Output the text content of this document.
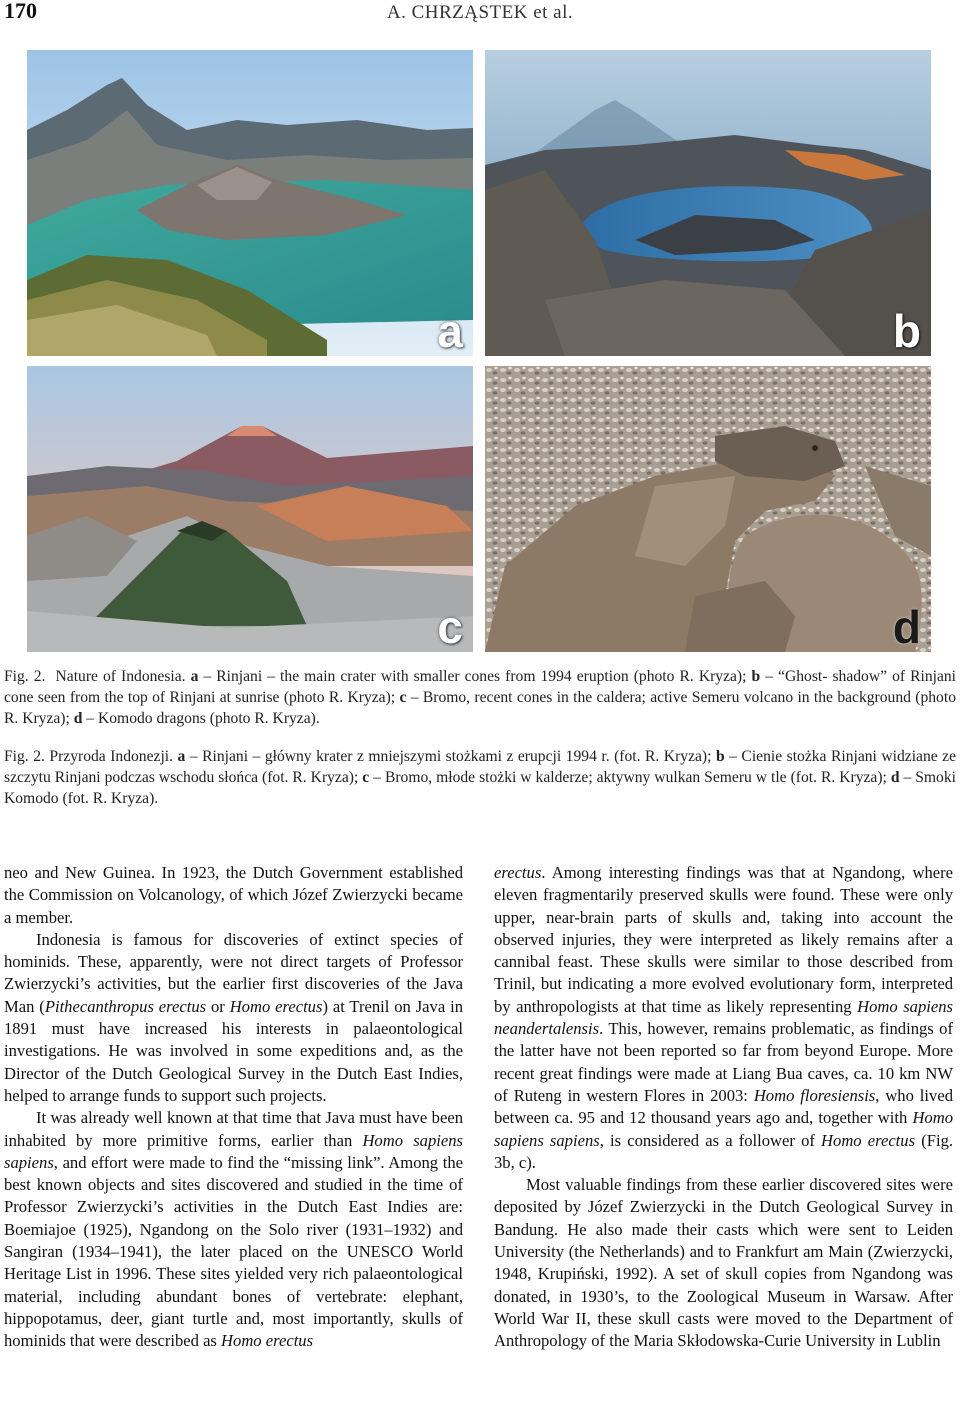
170	A. CHRZĄSTEK et al.
a	b
c	d
Fig. 2. Nature of Indonesia. a – Rinjani – the main crater with smaller cones from 1994 eruption (photo R. Kryza); b – “Ghost- shadow” of Rinjani cone seen from the top of Rinjani at sunrise (photo R. Kryza); c – Bromo, recent cones in the caldera; active Semeru volcano in the background (photo R. Kryza); d – Komodo dragons (photo R. Kryza).
Fig. 2. Przyroda Indonezji. a – Rinjani – główny krater z mniejszymi stożkami z erupcji 1994 r. (fot. R. Kryza); b – Cienie stożka Rinjani widziane ze szczytu Rinjani podczas wschodu słońca (fot. R. Kryza); c – Bromo, młode stożki w kalderze; aktywny wulkan Semeru w tle (fot. R. Kryza); d – Smoki Komodo (fot. R. Kryza).

neo and New Guinea. In 1923, the Dutch Government established the Commission on Volcanology, of which Józef Zwierzycki became a member.

Indonesia is famous for discoveries of extinct species of hominids. These, apparently, were not direct targets of Professor Zwierzycki’s activities, but the earlier first discoveries of the Java Man (Pithecanthropus erectus or Homo erectus) at Trenil on Java in 1891 must have increased his interests in palaeontological investigations. He was involved in some expeditions and, as the Director of the Dutch Geological Survey in the Dutch East Indies, helped to arrange funds to support such projects.

It was already well known at that time that Java must have been inhabited by more primitive forms, earlier than Homo sapiens sapiens, and effort were made to find the “missing link”. Among the best known objects and sites discovered and studied in the time of Professor Zwierzycki’s activities in the Dutch East Indies are: Boemiajoe (1925), Ngandong on the Solo river (1931–1932) and Sangiran (1934–1941), the later placed on the UNESCO World Heritage List in 1996. These sites yielded very rich palaeontological material, including abundant bones of vertebrate: elephant, hippopotamus, deer, giant turtle and, most importantly, skulls of hominids that were described as Homo erectus

erectus. Among interesting findings was that at Ngandong, where eleven fragmentarily preserved skulls were found. These were only upper, near-brain parts of skulls and, taking into account the observed injuries, they were interpreted as likely remains after a cannibal feast. These skulls were similar to those described from Trinil, but indicating a more evolved evolutionary form, interpreted by anthropologists at that time as likely representing Homo sapiens neandertalensis. This, however, remains problematic, as findings of the latter have not been reported so far from beyond Europe. More recent great findings were made at Liang Bua caves, ca. 10 km NW of Ruteng in western Flores in 2003: Homo floresiensis, who lived between ca. 95 and 12 thousand years ago and, together with Homo sapiens sapiens, is considered as a follower of Homo erectus (Fig. 3b, c).

Most valuable findings from these earlier discovered sites were deposited by Józef Zwierzycki in the Dutch Geological Survey in Bandung. He also made their casts which were sent to Leiden University (the Netherlands) and to Frankfurt am Main (Zwierzycki, 1948, Krupiński, 1992). A set of skull copies from Ngandong was donated, in 1930’s, to the Zoological Museum in Warsaw. After World War II, these skull casts were moved to the Department of Anthropology of the Maria Skłodowska-Curie University in Lublin
